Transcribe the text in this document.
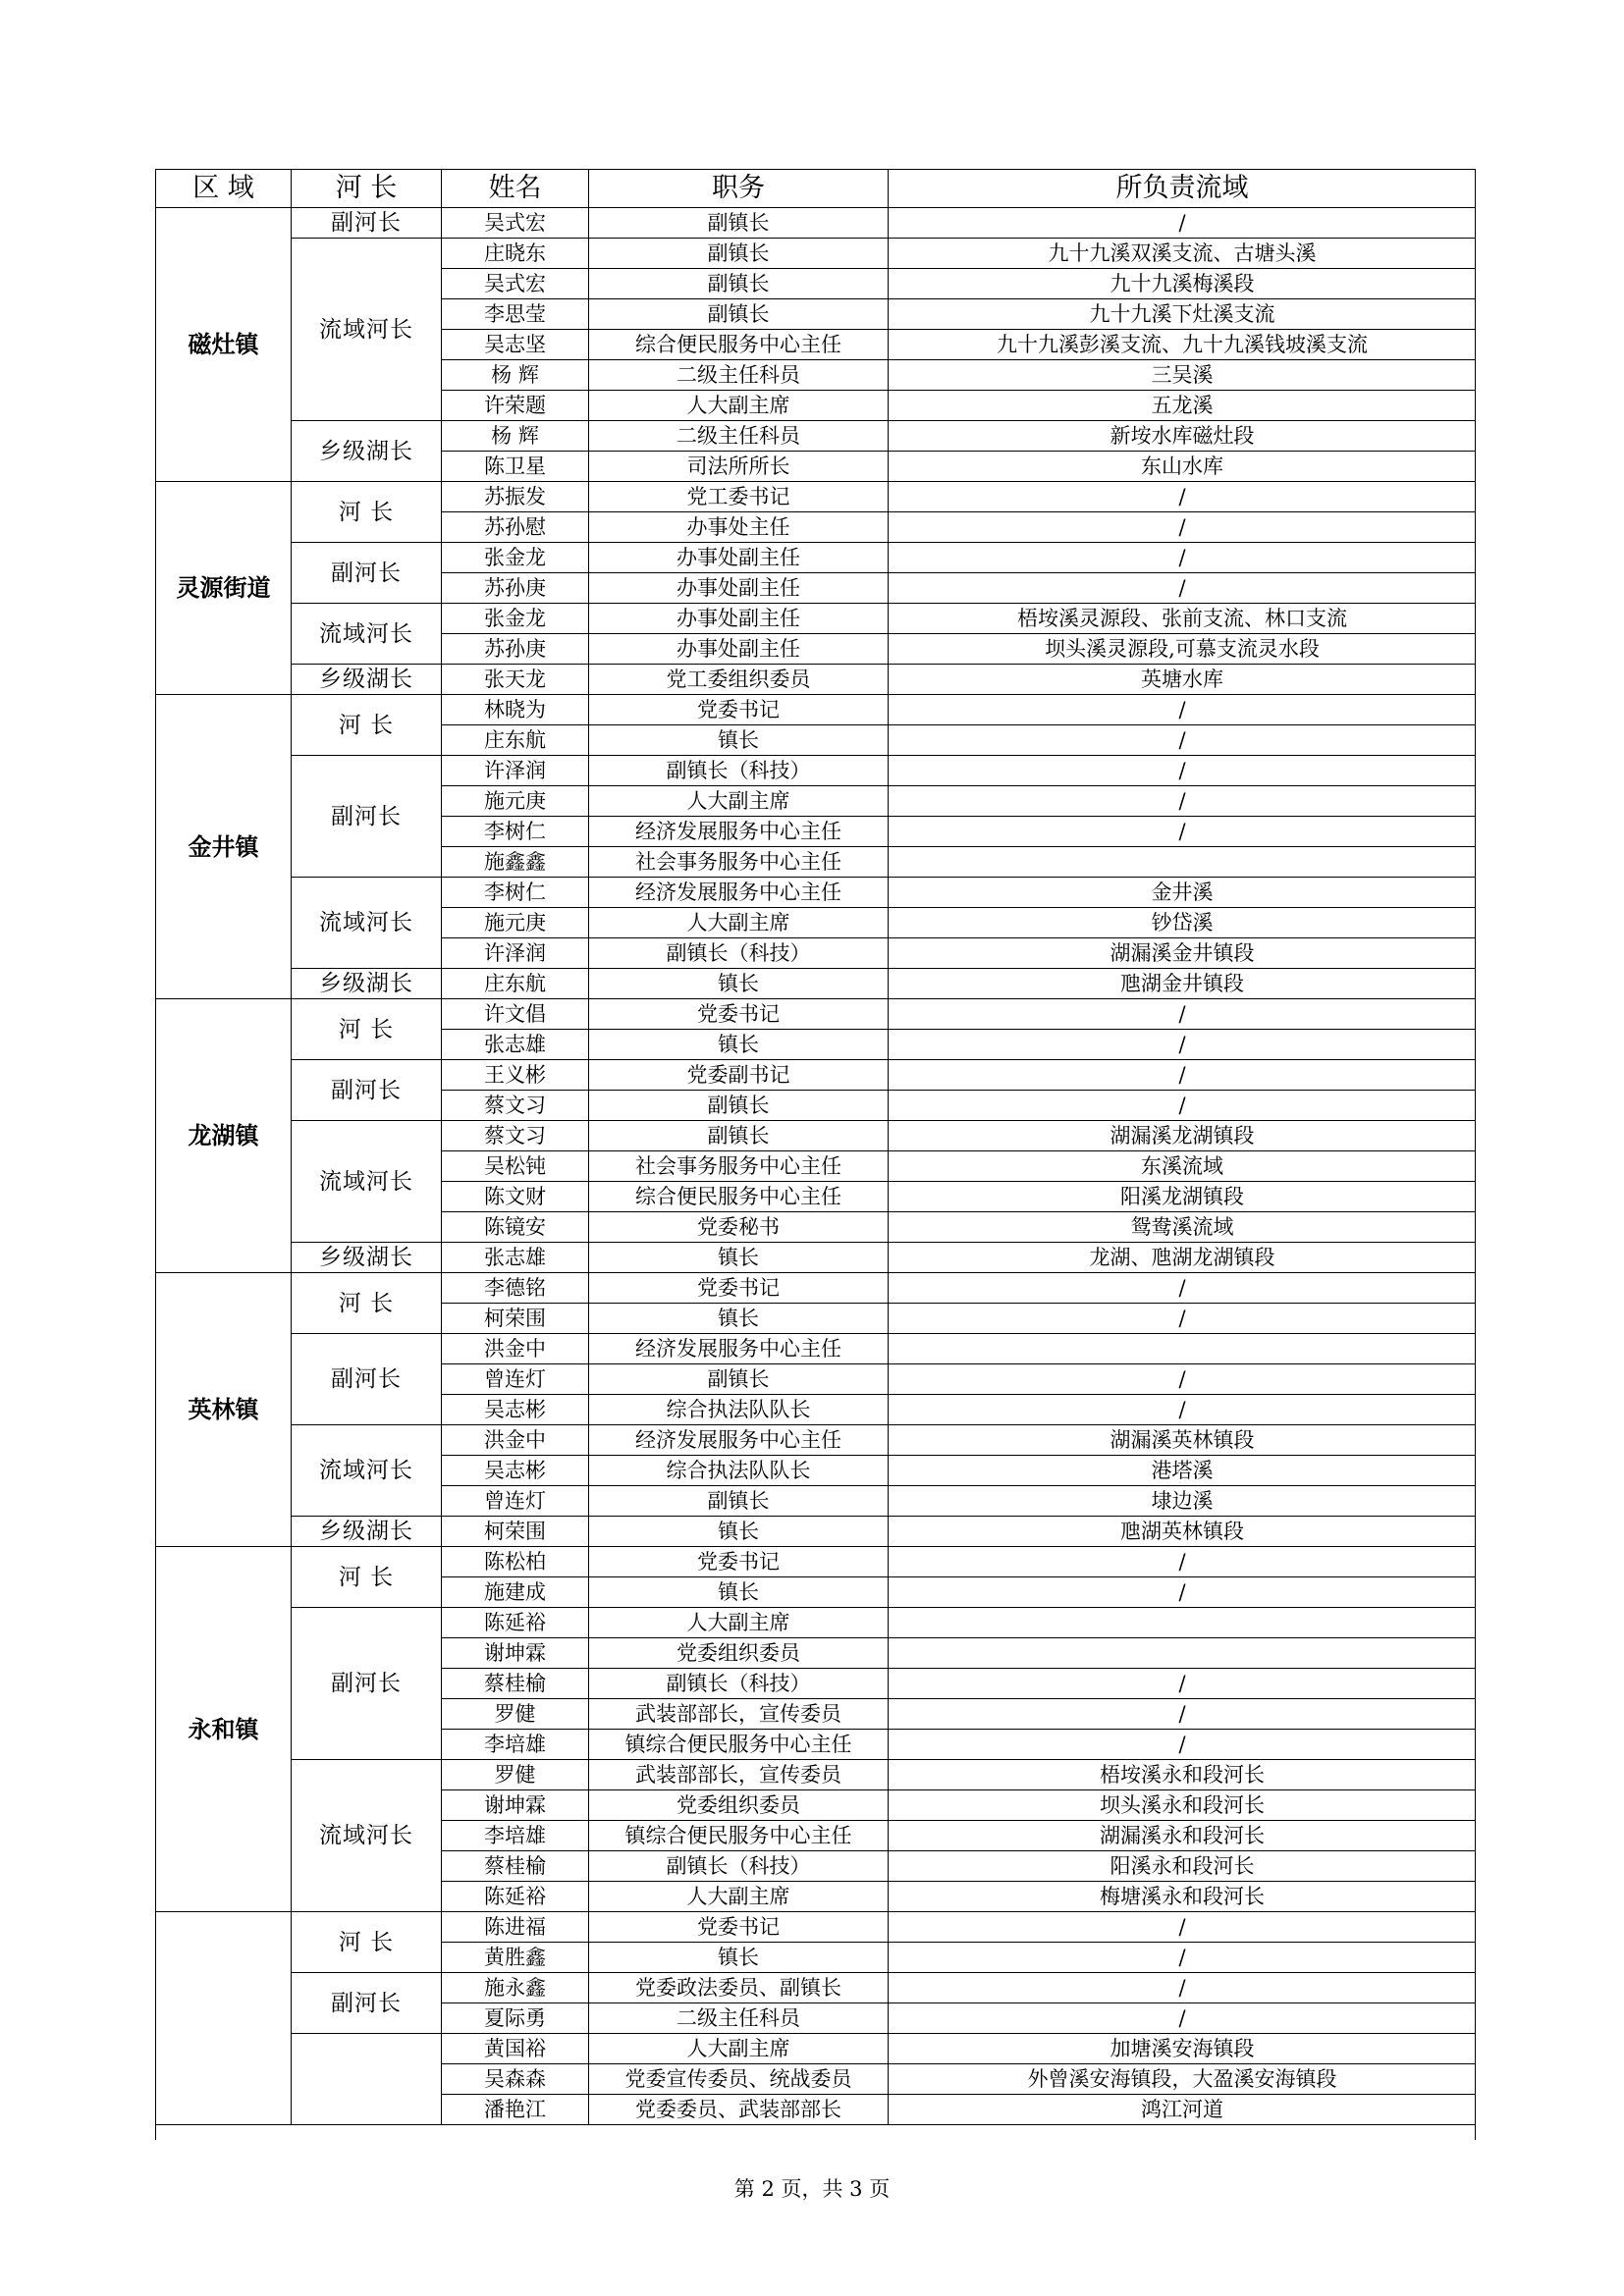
区 域	河 长	姓名	职务	所负责流域
磁灶镇	副河长	吴式宏	副镇长	/
	流域河长	庄晓东	副镇长	九十九溪双溪支流、古塘头溪
		吴式宏	副镇长	九十九溪梅溪段
		李思莹	副镇长	九十九溪下灶溪支流
		吴志坚	综合便民服务中心主任	九十九溪彭溪支流、九十九溪钱坡溪支流
		杨 辉	二级主任科员	三吴溪
		许荣题	人大副主席	五龙溪
	乡级湖长	杨 辉	二级主任科员	新垵水库磁灶段
		陈卫星	司法所所长	东山水库
灵源街道	河 长	苏振发	党工委书记	/
		苏孙慰	办事处主任	/
	副河长	张金龙	办事处副主任	/
		苏孙庚	办事处副主任	/
	流域河长	张金龙	办事处副主任	梧垵溪灵源段、张前支流、林口支流
		苏孙庚	办事处副主任	坝头溪灵源段,可慕支流灵水段
	乡级湖长	张天龙	党工委组织委员	英塘水库
金井镇	河 长	林晓为	党委书记	/
		庄东航	镇长	/
	副河长	许泽润	副镇长（科技）	/
		施元庚	人大副主席	/
		李树仁	经济发展服务中心主任	/
		施鑫鑫	社会事务服务中心主任	
	流域河长	李树仁	经济发展服务中心主任	金井溪
		施元庚	人大副主席	钞岱溪
		许泽润	副镇长（科技）	湖漏溪金井镇段
	乡级湖长	庄东航	镇长	虺湖金井镇段
龙湖镇	河 长	许文倡	党委书记	/
		张志雄	镇长	/
	副河长	王义彬	党委副书记	/
		蔡文习	副镇长	/
	流域河长	蔡文习	副镇长	湖漏溪龙湖镇段
		吴松钝	社会事务服务中心主任	东溪流域
		陈文财	综合便民服务中心主任	阳溪龙湖镇段
		陈镜安	党委秘书	鸳鸯溪流域
	乡级湖长	张志雄	镇长	龙湖、虺湖龙湖镇段
英林镇	河 长	李德铭	党委书记	/
		柯荣围	镇长	/
	副河长	洪金中	经济发展服务中心主任	
		曾连灯	副镇长	/
		吴志彬	综合执法队队长	/
	流域河长	洪金中	经济发展服务中心主任	湖漏溪英林镇段
		吴志彬	综合执法队队长	港塔溪
		曾连灯	副镇长	埭边溪
	乡级湖长	柯荣围	镇长	虺湖英林镇段
永和镇	河 长	陈松柏	党委书记	/
		施建成	镇长	/
	副河长	陈延裕	人大副主席	
		谢坤霖	党委组织委员	
		蔡桂榆	副镇长（科技）	/
		罗健	武装部部长，宣传委员	/
		李培雄	镇综合便民服务中心主任	/
	流域河长	罗健	武装部部长，宣传委员	梧垵溪永和段河长
		谢坤霖	党委组织委员	坝头溪永和段河长
		李培雄	镇综合便民服务中心主任	湖漏溪永和段河长
		蔡桂榆	副镇长（科技）	阳溪永和段河长
		陈延裕	人大副主席	梅塘溪永和段河长
	河 长	陈进福	党委书记	/
		黄胜鑫	镇长	/
	副河长	施永鑫	党委政法委员、副镇长	/
		夏际勇	二级主任科员	/
		黄国裕	人大副主席	加塘溪安海镇段
		吴森森	党委宣传委员、统战委员	外曾溪安海镇段，大盈溪安海镇段
		潘艳江	党委委员、武装部部长	鸿江河道
第 2 页，共 3 页
